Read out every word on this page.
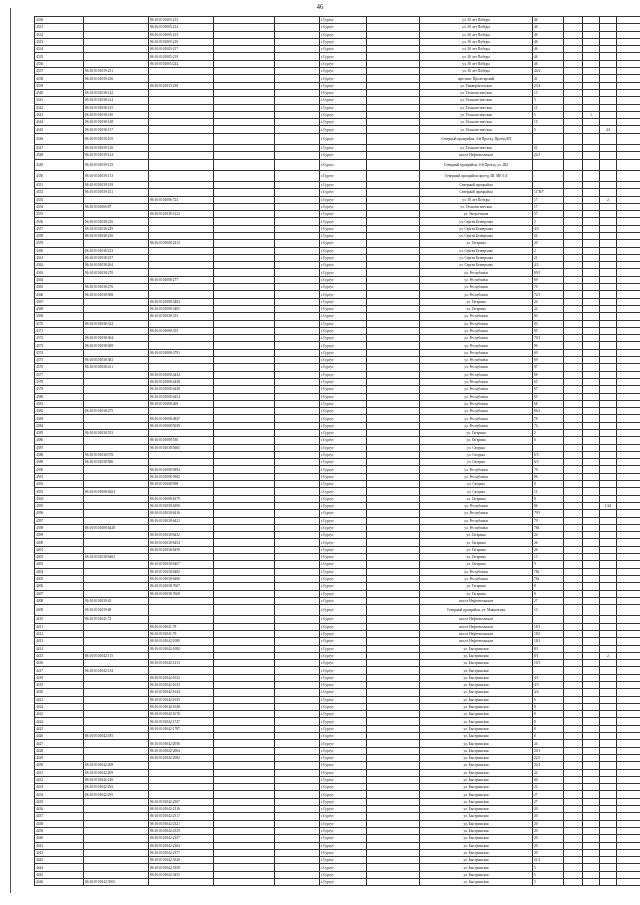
46
4330		86:10:0101005:213			г.Сургут		ул. 30 лет Победы	46				
4331		86:10:0101005:214			г.Сургут		ул. 30 лет Победы	46				
4332		86:10:0101005:215			г.Сургут		ул. 30 лет Победы	46				
4333		86:10:0101005:216			г.Сургут		ул. 30 лет Победы	46				
4334		86:10:0101005:217			г.Сургут		ул. 30 лет Победы	46				
4335		86:10:0101005:219			г.Сургут		ул. 30 лет Победы	46				
4336		86:10:0101005:222			г.Сургут		ул. 30 лет Победы	46				
4337	86:10:0101039:231				г.Сургут		ул. 30 лет Победы	44/2				
4338	86:10:0101039:236				г.Сургут		проспект Пролетарский	41				
4339		86:10:0101033:238			г.Сургут		ул. Университетская	23/4				
4340	86:10:0101038:122				г.Сургут		ул. Технологическая	13				
4341	86:10:0101038:124				г.Сургут		ул. Технологическая	3				
4342	86:10:0101038:135				г.Сургут		ул. Технологическая	11				
4343	86:10:0101038:140				г.Сургут		ул. Технологическая	5		1		
4344	86:10:0101038:148				г.Сургут		ул. Технологическая	15				
4345	86:10:0101038:157				г.Сургут		ул. Технологическая	5			24	
4346	86:10:0101039:105				г.Сургут		Северный промрайон, 4-й Проезд, Проезд 8П					
4347	86:10:0101039:120				г.Сургут		ул. Технологическая	21				
4348	86:10:0101039:124				г.Сургут		шоссе Нефтеюганское	24/1				
4349	86:10:0101039:125				г.Сургут		Северный промрайон, 4-й Проезд, ул. Ш2					
4350	86:10:0101039:133				г.Сургут		Северный промрайон проезд 4П, МЕ-1/4					
4351	86:10:0101039:139				г.Сургут		Северный промрайон					
4352	86:10:0101039:411				г.Сургут		Северный промрайон	11"Ю"				
4353		86:10:0101006:723			г.Сургут		ул. 30 лет Победы	17			2	
4354	86:10:0101006:87				г.Сургут		ул. Технологическая	17				
4355		86:10:0101038:1222			г.Сургут		ул. Энергетиков	37				
4356	86:10:0101038:216				г.Сургут		ул. Сергея Безверхова	2				
4357	86:10:0101038:229				г.Сургут		ул. Сергея Безверхова	4/4				
4358	86:10:0101038:230				г.Сургут		ул. Сергея Безверхова	24				
4359		86:10:0101008:2413			г.Сургут		ул. Гагарина	20				
4360	86:10:0101038:233				г.Сургут		ул. Сергея Безверхова	2				
4361	86:10:0101038:237				г.Сургут		ул. Сергея Безверхова	21				
4362	86:10:0101038:264				г.Сургут		ул. Сергея Безверхова	4/2				
4363	86:10:0101038:270				г.Сургут		ул. Республики	69/1				
4364		86:10:0101008:277			г.Сургут		ул. Республики	69				
4365	86:10:0101038:276				г.Сургут		ул. Республики	70				
4366	86:10:0101038:308				г.Сургут		ул. Республики	72/1				
4367		86:10:0101008:3404			г.Сургут		ул. Гагарина	24				
4368		86:10:0101008:3405			г.Сургут		ул. Гагарина	24				
4369		86:10:0101038:315			г.Сургут		ул. Республики	83				
4370	86:10:0101038:322				г.Сургут		ул. Республики	83				
4371		86:10:0101008:335			г.Сургут		ул. Республики	85				
4372	86:10:0101038:364				г.Сургут		ул. Республики	70/1				
4373	86:10:0101038:369				г.Сургут		ул. Республики	86				
4374		86:10:0101008:3791			г.Сургут		ул. Республики	69				
4375	86:10:0101038:382				г.Сургут		ул. Республики	69				
4376	86:10:0101038:411				г.Сургут		ул. Республики	87				
4377		86:10:0101008:4432			г.Сургут		ул. Республики	68				
4378		86:10:0101008:4438			г.Сургут		ул. Республики	65				
4379		86:10:0101008:4449			г.Сургут		ул. Республики	67				
4380		86:10:0101008:4454			г.Сургут		ул. Республики	65				
4381		86:10:0101008:469			г.Сургут		ул. Республики	68				
4382	86:10:0101038:475				г.Сургут		ул. Республики	86/1				
4383		86:10:0101008:4847			г.Сургут		ул. Республики	78				
4384		86:10:0101008:5039			г.Сургут		ул. Республики	74				
4385	86:10:0101038:533				г.Сургут		ул. Гагарина	2				
4386		86:10:0101008:530			г.Сургут		ул. Гагарина	6				
4387		86:10:0101038:5665			г.Сургут		ул. Сатурна					
4388	86:10:0101038:578				г.Сургут		ул. Сатурна	6/5				
4389	86:10:0101038:586				г.Сургут		ул. Сатурна	6/3				
4390		86:10:0101008:5894			г.Сургут		ул. Республики	79				
4391		86:10:0101008:5902			г.Сургут		ул. Республики	86				
4392		86:10:0101008:598			г.Сургут		ул. Сатурна	8				
4393	86:10:0101008:6304				г.Сургут		ул. Сатурна	11				
4394		86:10:0101008:6379			г.Сургут		ул. Гагарина	8				
4395		86:10:0101038:6390			г.Сургут		ул. Республики	86			1/24	
4396		86:10:0101038:6416			г.Сургут		ул. Республики	79/1				
4397		86:10:0101038:6421			г.Сургут		ул. Республики	79				
4398	86:10:0101008:6428				г.Сургут		ул. Республики	78a				
4399		86:10:0101038:6452			г.Сургут		ул. Гагарина	24				
4400		86:10:0101038:6454			г.Сургут		ул. Гагарина	26				
4401		86:10:0101038:6459			г.Сургут		ул. Гагарина	26				
4402	86:10:0101038:6463				г.Сургут		ул. Гагарина	13				
4403		86:10:0101038:6467			г.Сургут		ул. Гагарина	9				
4404		86:10:0101038:6482			г.Сургут		ул. Республики	78a				
4405		86:10:0101038:6486			г.Сургут		ул. Республики	78a				
4406		86:10:0101038:7667			г.Сургут		ул. Гагарина	8				
4407		86:10:0101038:7668			г.Сургут		ул. Гагарина	8				
4408	86:10:0101039:43				г.Сургут		шоссе Нефтеюганское	27				
4409	86:10:0101039:68				г.Сургут		Северный промрайон, ул. Маяковская	13				
4410	86:10:0101041:74				г.Сургут		шоссе Нефтеюганское					
4411		86:10:0101041:78			г.Сургут		шоссе Нефтеюганское	18/1				
4412		86:10:0101041:79			г.Сургут		шоссе Нефтеюганское	18/1				
4413		86:10:0101042:1080			г.Сургут		шоссе Нефтеюганское	18/1				
4414		86:10:0101042:1082			г.Сургут		ул. Быстринская	8/1				
4415	86:10:0101042:115				г.Сургут		ул. Быстринская	8/1			2	
4416		86:10:0101042:1213			г.Сургут		ул. Быстринская	10/1				
4417	86:10:0101042:134				г.Сургут		ул. Быстринская					
4418		86:10:0101042:1632			г.Сургут		ул. Быстринская	4/1				
4419		86:10:0101042:1633			г.Сургут		ул. Быстринская	4/3				
4420		86:10:0101042:1634			г.Сургут		ул. Быстринская	4/4				
4421		86:10:0101042:1635			г.Сургут		ул. Быстринская	6				
4422		86:10:0101042:1648			г.Сургут		ул. Быстринская	8				
4423		86:10:0101042:1678			г.Сургут		ул. Быстринская	8				
4424		86:10:0101042:1747			г.Сургут		ул. Быстринская	8				
4425		86:10:0101042:1787			г.Сургут		ул. Быстринская	8				
4426	86:10:0101042:185				г.Сургут		ул. Быстринская	8				
4427		86:10:0101042:2056			г.Сургут		ул. Быстринская	24				
4428		86:10:0101042:2064			г.Сургут		ул. Быстринская	20/1				
4429		86:10:0101042:2082			г.Сургут		ул. Быстринская	22/1				
4430	86:10:0101042:208				г.Сургут		ул. Быстринская	22/2				
4431	86:10:0101042:209				г.Сургут		ул. Быстринская	24				
4432	86:10:0101042:240				г.Сургут		ул. Быстринская	20				
4433	86:10:0101042:292				г.Сургут		ул. Быстринская	22				
4434	86:10:0101042:295				г.Сургут		ул. Быстринская	27				
4435		86:10:0101042:2307			г.Сургут		ул. Быстринская	27				
4436		86:10:0101042:2316			г.Сургут		ул. Быстринская	20				
4437		86:10:0101042:2317			г.Сургут		ул. Быстринская	20				
4438		86:10:0101042:2321			г.Сургут		ул. Быстринская	20				
4439		86:10:0101042:2335			г.Сургут		ул. Быстринская	20				
4440		86:10:0101042:2357			г.Сургут		ул. Быстринская	20				
4441		86:10:0101042:2364			г.Сургут		ул. Быстринская	20				
4442		86:10:0101042:2377			г.Сургут		ул. Быстринская	20				
4443		86:10:0101042:3326			г.Сургут		ул. Быстринская	21/1				
4444		86:10:0101042:3358			г.Сургут		ул. Быстринская	5				
4445		86:10:0101042:3455			г.Сургут		ул. Быстринская	5				
4446	86:10:0101042:3565				г.Сургут		ул. Быстринская	5				
